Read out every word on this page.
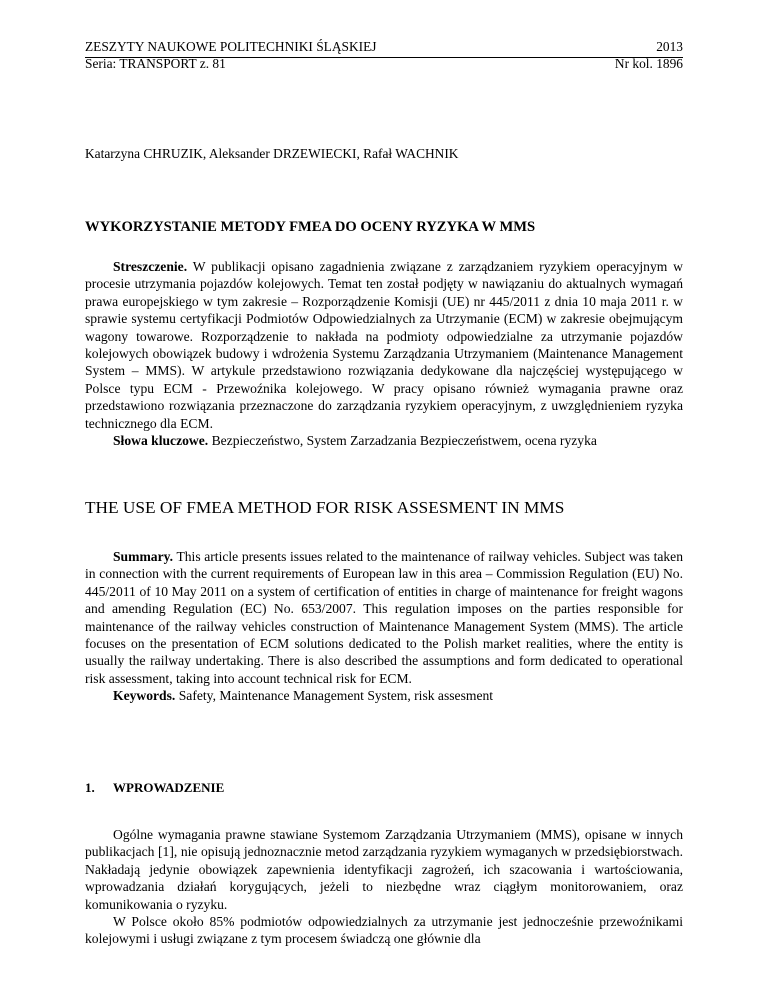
ZESZYTY NAUKOWE POLITECHNIKI ŚLĄSKIEJ	2013
Seria: TRANSPORT z. 81	Nr kol. 1896
Katarzyna CHRUZIK, Aleksander DRZEWIECKI, Rafał WACHNIK
WYKORZYSTANIE METODY FMEA DO OCENY RYZYKA W MMS

Streszczenie. W publikacji opisano zagadnienia związane z zarządzaniem ryzykiem operacyjnym w procesie utrzymania pojazdów kolejowych. Temat ten został podjęty w nawiązaniu do aktualnych wymagań prawa europejskiego w tym zakresie – Rozporządzenie Komisji (UE) nr 445/2011 z dnia 10 maja 2011 r. w sprawie systemu certyfikacji Podmiotów Odpowiedzialnych za Utrzymanie (ECM) w zakresie obejmującym wagony towarowe. Rozporządzenie to nakłada na podmioty odpowiedzialne za utrzymanie pojazdów kolejowych obowiązek budowy i wdrożenia Systemu Zarządzania Utrzymaniem (Maintenance Management System – MMS). W artykule przedstawiono rozwiązania dedykowane dla najczęściej występującego w Polsce typu ECM - Przewoźnika kolejowego. W pracy opisano również wymagania prawne oraz przedstawiono rozwiązania przeznaczone do zarządzania ryzykiem operacyjnym, z uwzględnieniem ryzyka technicznego dla ECM.

Słowa kluczowe. Bezpieczeństwo, System Zarzadzania Bezpieczeństwem, ocena ryzyka

THE USE OF FMEA METHOD FOR RISK ASSESMENT IN MMS

Summary. This article presents issues related to the maintenance of railway vehicles. Subject was taken in connection with the current requirements of European law in this area – Commission Regulation (EU) No. 445/2011 of 10 May 2011 on a system of certification of entities in charge of maintenance for freight wagons and amending Regulation (EC) No. 653/2007. This regulation imposes on the parties responsible for maintenance of the railway vehicles construction of Maintenance Management System (MMS). The article focuses on the presentation of ECM solutions dedicated to the Polish market realities, where the entity is usually the railway undertaking. There is also described the assumptions and form dedicated to operational risk assessment, taking into account technical risk for ECM.

Keywords. Safety, Maintenance Management System, risk assesment

1. WPROWADZENIE

Ogólne wymagania prawne stawiane Systemom Zarządzania Utrzymaniem (MMS), opisane w innych publikacjach [1], nie opisują jednoznacznie metod zarządzania ryzykiem wymaganych w przedsiębiorstwach. Nakładają jedynie obowiązek zapewnienia identyfikacji zagrożeń, ich szacowania i wartościowania, wprowadzania działań korygujących, jeżeli to niezbędne wraz ciągłym monitorowaniem, oraz komunikowania o ryzyku.

W Polsce około 85% podmiotów odpowiedzialnych za utrzymanie jest jednocześnie przewoźnikami kolejowymi i usługi związane z tym procesem świadczą one głównie dla
